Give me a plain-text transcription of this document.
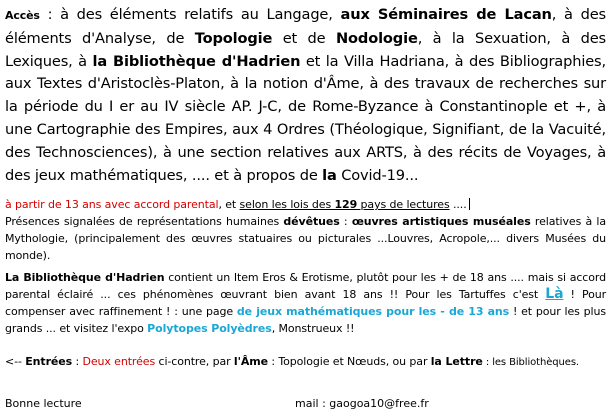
Accès : à des éléments relatifs au Langage, aux Séminaires de Lacan, à des éléments d'Analyse, de Topologie et de Nodologie, à la Sexuation, à des Lexiques, à la Bibliothèque d'Hadrien et la Villa Hadriana, à des Bibliographies, aux Textes d'Aristoclès-Platon, à la notion d'Âme, à des travaux de recherches sur la période du I er au IV siècle AP. J-C, de Rome-Byzance à Constantinople et +, à une Cartographie des Empires, aux 4 Ordres (Théologique, Signifiant, de la Vacuité, des Technosciences), à une section relatives aux ARTS, à des récits de Voyages, à des jeux mathématiques, .... et à propos de la Covid-19...

à partir de 13 ans avec accord parental, et selon les lois des 129 pays de lectures ....

Présences signalées de représentations humaines dévêtues : œuvres artistiques muséales relatives à la Mythologie, (principalement des œuvres statuaires ou picturales ...Louvres, Acropole,... divers Musées du monde).

La Bibliothèque d'Hadrien contient un Item Eros & Erotisme, plutôt pour les + de 18 ans .... mais si accord parental éclairé ... ces phénomènes œuvrant bien avant 18 ans !! Pour les Tartuffes c'est Là ! Pour compenser avec raffinement ! : une page de jeux mathématiques pour les - de 13 ans ! et pour les plus grands ... et visitez l'expo Polytopes Polyèdres, Monstrueux !!

<-- Entrées : Deux entrées ci-contre, par l'Âme : Topologie et Nœuds, ou par la Lettre : les Bibliothèques.

Bonne lecture	mail : gaogoa10@free.fr
